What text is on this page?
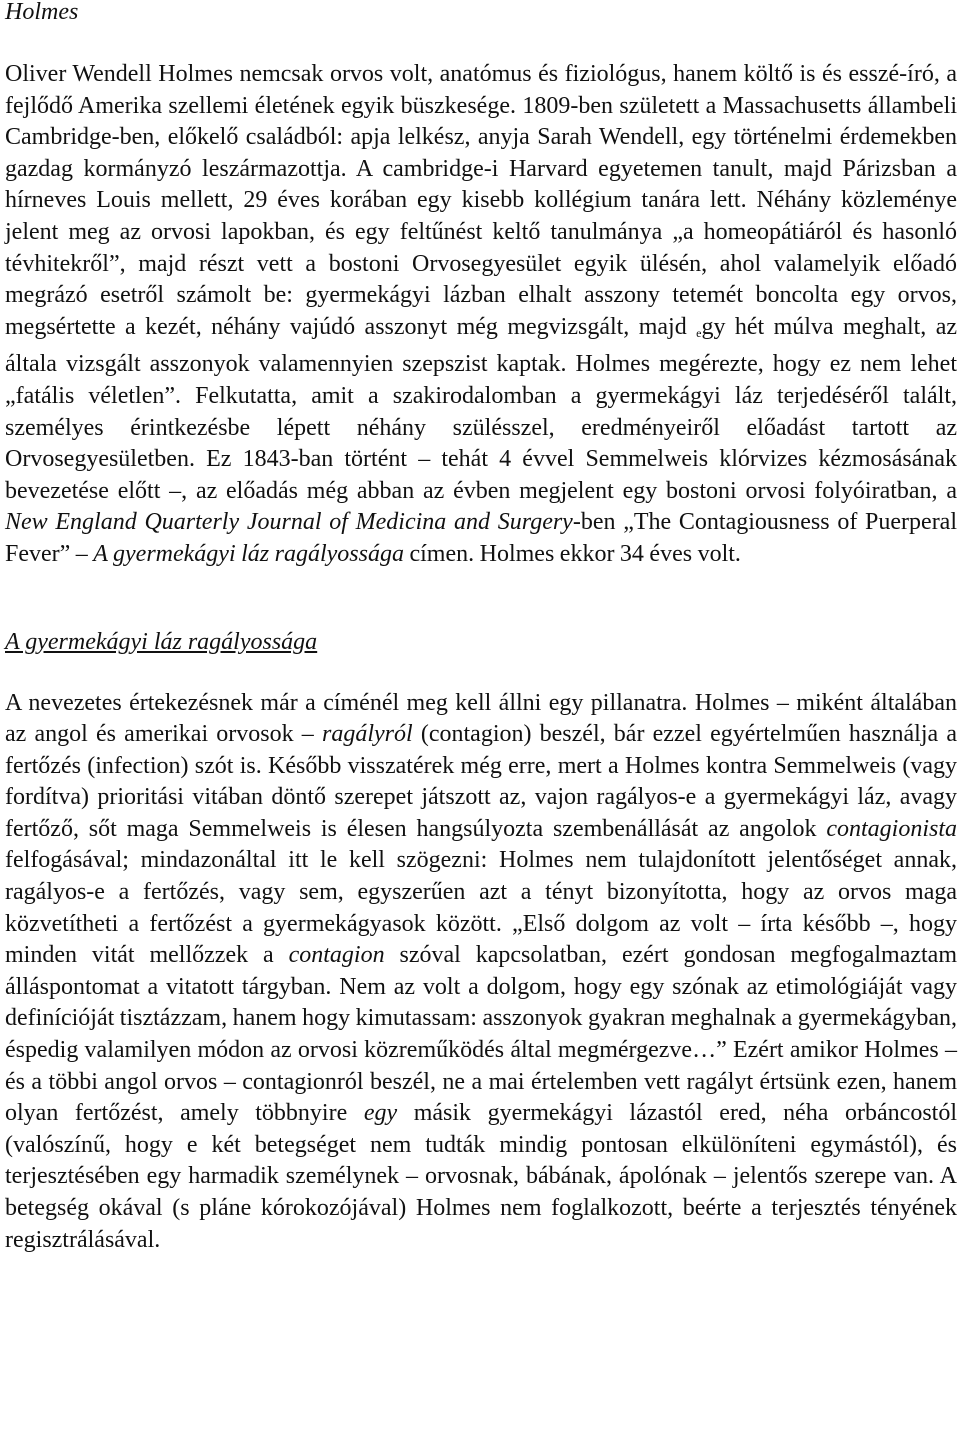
Holmes

Oliver Wendell Holmes nemcsak orvos volt, anatómus és fiziológus, hanem költő is és esszé-író, a fejlődő Amerika szellemi életének egyik büszkesége. 1809-ben született a Massachusetts állambeli Cambridge-ben, előkelő családból: apja lelkész, anyja Sarah Wendell, egy történelmi érdemekben gazdag kormányzó leszármazottja. A cambridge-i Harvard egyetemen tanult, majd Párizsban a hírneves Louis mellett, 29 éves korában egy kisebb kollégium tanára lett. Néhány közleménye jelent meg az orvosi lapokban, és egy feltűnést keltő tanulmánya „a homeopátiáról és hasonló tévhitekről”, majd részt vett a bostoni Orvosegyesület egyik ülésén, ahol valamelyik előadó megrázó esetről számolt be: gyermekágyi lázban elhalt asszony tetemét boncolta egy orvos, megsértette a kezét, néhány vajúdó asszonyt még megvizsgált, majd egy hét múlva meghalt, az általa vizsgált asszonyok valamennyien szepszist kaptak. Holmes megérezte, hogy ez nem lehet „fatális véletlen”. Felkutatta, amit a szakirodalomban a gyermekágyi láz terjedéséről talált, személyes érintkezésbe lépett néhány szülésszel, eredményeiről előadást tartott az Orvosegyesületben. Ez 1843-ban történt – tehát 4 évvel Semmelweis klórvizes kézmosásának bevezetése előtt –, az előadás még abban az évben megjelent egy bostoni orvosi folyóiratban, a New England Quarterly Journal of Medicina and Surgery-ben „The Contagiousness of Puerperal Fever” – A gyermekágyi láz ragályossága címen. Holmes ekkor 34 éves volt.

A gyermekágyi láz ragályossága

A nevezetes értekezésnek már a címénél meg kell állni egy pillanatra. Holmes – miként általában az angol és amerikai orvosok – ragályról (contagion) beszél, bár ezzel egyértelműen használja a fertőzés (infection) szót is. Később visszatérek még erre, mert a Holmes kontra Semmelweis (vagy fordítva) prioritási vitában döntő szerepet játszott az, vajon ragályos-e a gyermekágyi láz, avagy fertőző, sőt maga Semmelweis is élesen hangsúlyozta szembenállását az angolok contagionista felfogásával; mindazonáltal itt le kell szögezni: Holmes nem tulajdonított jelentőséget annak, ragályos-e a fertőzés, vagy sem, egyszerűen azt a tényt bizonyította, hogy az orvos maga közvetítheti a fertőzést a gyermekágyasok között. „Első dolgom az volt – írta később –, hogy minden vitát mellőzzek a contagion szóval kapcsolatban, ezért gondosan megfogalmaztam álláspontomat a vitatott tárgyban. Nem az volt a dolgom, hogy egy szónak az etimológiáját vagy definícióját tisztázzam, hanem hogy kimutassam: asszonyok gyakran meghalnak a gyermekágyban, éspedig valamilyen módon az orvosi közreműködés által megmérgezve…” Ezért amikor Holmes – és a többi angol orvos – contagionról beszél, ne a mai értelemben vett ragályt értsünk ezen, hanem olyan fertőzést, amely többnyire egy másik gyermekágyi lázastól ered, néha orbáncostól (valószínű, hogy e két betegséget nem tudták mindig pontosan elkülöníteni egymástól), és terjesztésében egy harmadik személynek – orvosnak, bábának, ápolónak – jelentős szerepe van. A betegség okával (s pláne kórokozójával) Holmes nem foglalkozott, beérte a terjesztés tényének regisztrálásával.
